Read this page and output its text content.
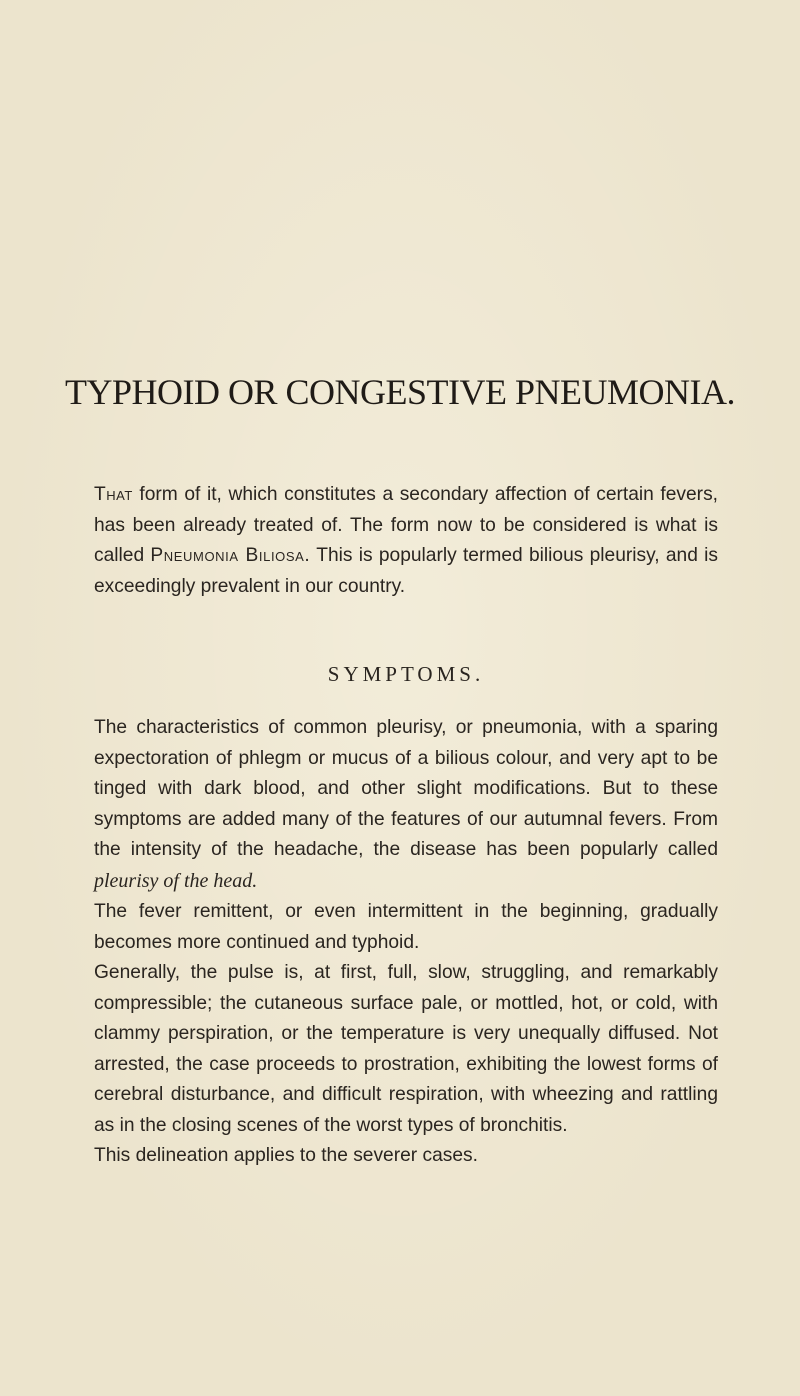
TYPHOID OR CONGESTIVE PNEUMONIA.

That form of it, which constitutes a secondary affection of certain fevers, has been already treated of. The form now to be considered is what is called Pneumonia Biliosa. This is popularly termed bilious pleurisy, and is exceedingly prevalent in our country.

SYMPTOMS.

The characteristics of common pleurisy, or pneumonia, with a sparing expectoration of phlegm or mucus of a bilious colour, and very apt to be tinged with dark blood, and other slight modifications. But to these symptoms are added many of the features of our autumnal fevers. From the intensity of the headache, the disease has been popularly called pleurisy of the head.

The fever remittent, or even intermittent in the beginning, gradually becomes more continued and typhoid.

Generally, the pulse is, at first, full, slow, struggling, and remarkably compressible; the cutaneous surface pale, or mottled, hot, or cold, with clammy perspiration, or the temperature is very unequally diffused. Not arrested, the case proceeds to prostration, exhibiting the lowest forms of cerebral disturbance, and difficult respiration, with wheezing and rattling as in the closing scenes of the worst types of bronchitis.

This delineation applies to the severer cases.
